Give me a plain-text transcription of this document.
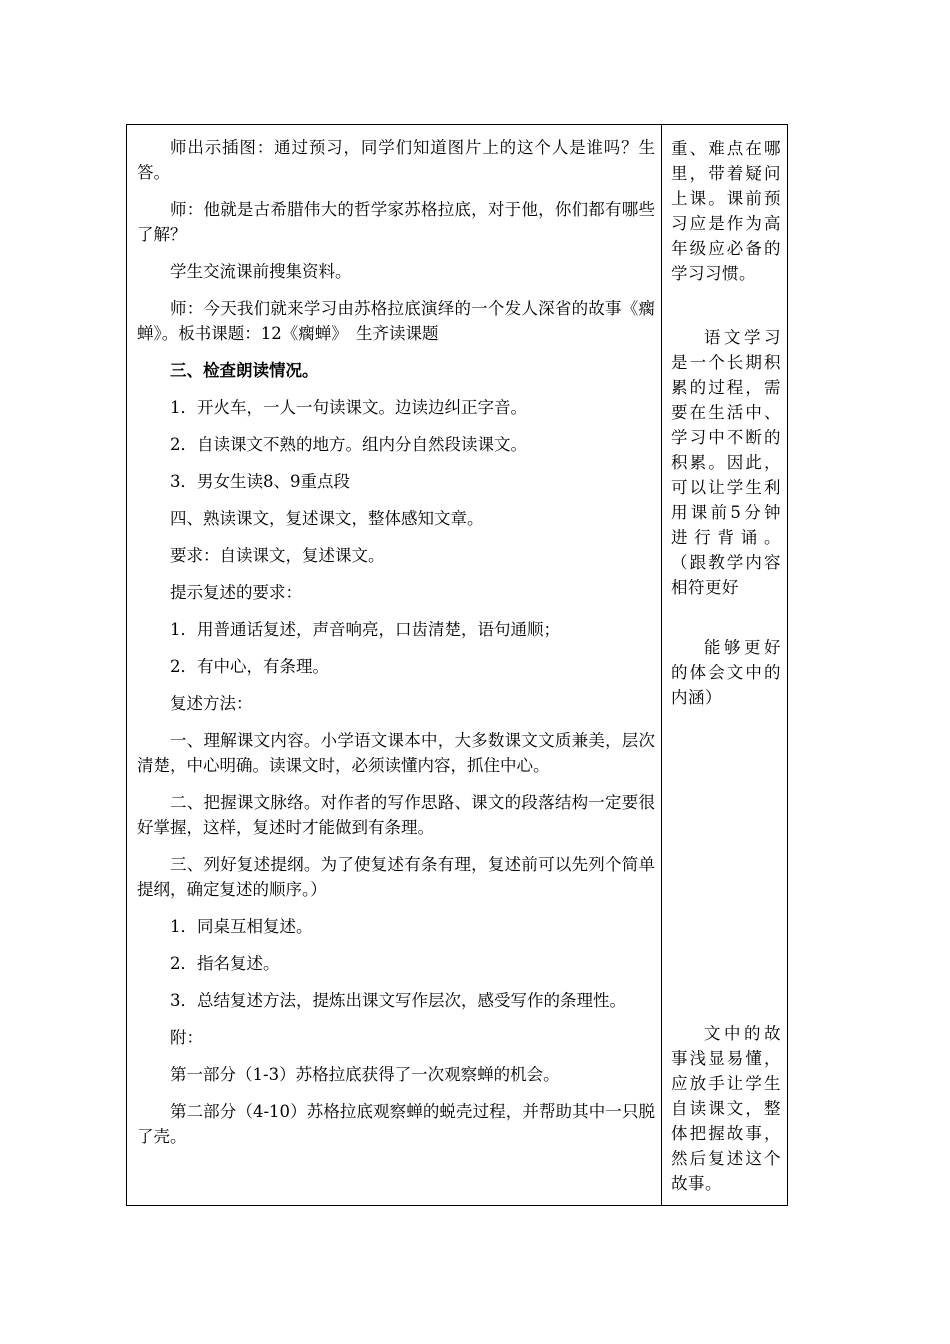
师出示插图：通过预习，同学们知道图片上的这个人是谁吗？生答。

师：他就是古希腊伟大的哲学家苏格拉底，对于他，你们都有哪些了解？

学生交流课前搜集资料。

师：今天我们就来学习由苏格拉底演绎的一个发人深省的故事《瘸蝉》。板书课题：12《瘸蝉》　生齐读课题

三、检查朗读情况。

1．开火车，一人一句读课文。边读边纠正字音。

2．自读课文不熟的地方。组内分自然段读课文。

3．男女生读8、9重点段

四、熟读课文，复述课文，整体感知文章。

要求：自读课文，复述课文。

提示复述的要求：

1．用普通话复述，声音响亮，口齿清楚，语句通顺；

2．有中心，有条理。

复述方法：

一、理解课文内容。小学语文课本中，大多数课文文质兼美，层次清楚，中心明确。读课文时，必须读懂内容，抓住中心。

二、把握课文脉络。对作者的写作思路、课文的段落结构一定要很好掌握，这样，复述时才能做到有条理。

三、列好复述提纲。为了使复述有条有理，复述前可以先列个简单提纲，确定复述的顺序。）

1．同桌互相复述。

2．指名复述。

3．总结复述方法，提炼出课文写作层次，感受写作的条理性。

附：

第一部分（1-3）苏格拉底获得了一次观察蝉的机会。

第二部分（4-10）苏格拉底观察蝉的蜕壳过程，并帮助其中一只脱了壳。

重、难点在哪里，带着疑问上课。课前预习应是作为高年级应必备的学习习惯。

语文学习是一个长期积累的过程，需要在生活中、学习中不断的积累。因此，可以让学生利用课前5分钟进行背诵。（跟教学内容相符更好

能够更好的体会文中的内涵）

文中的故事浅显易懂，应放手让学生自读课文，整体把握故事，然后复述这个故事。
